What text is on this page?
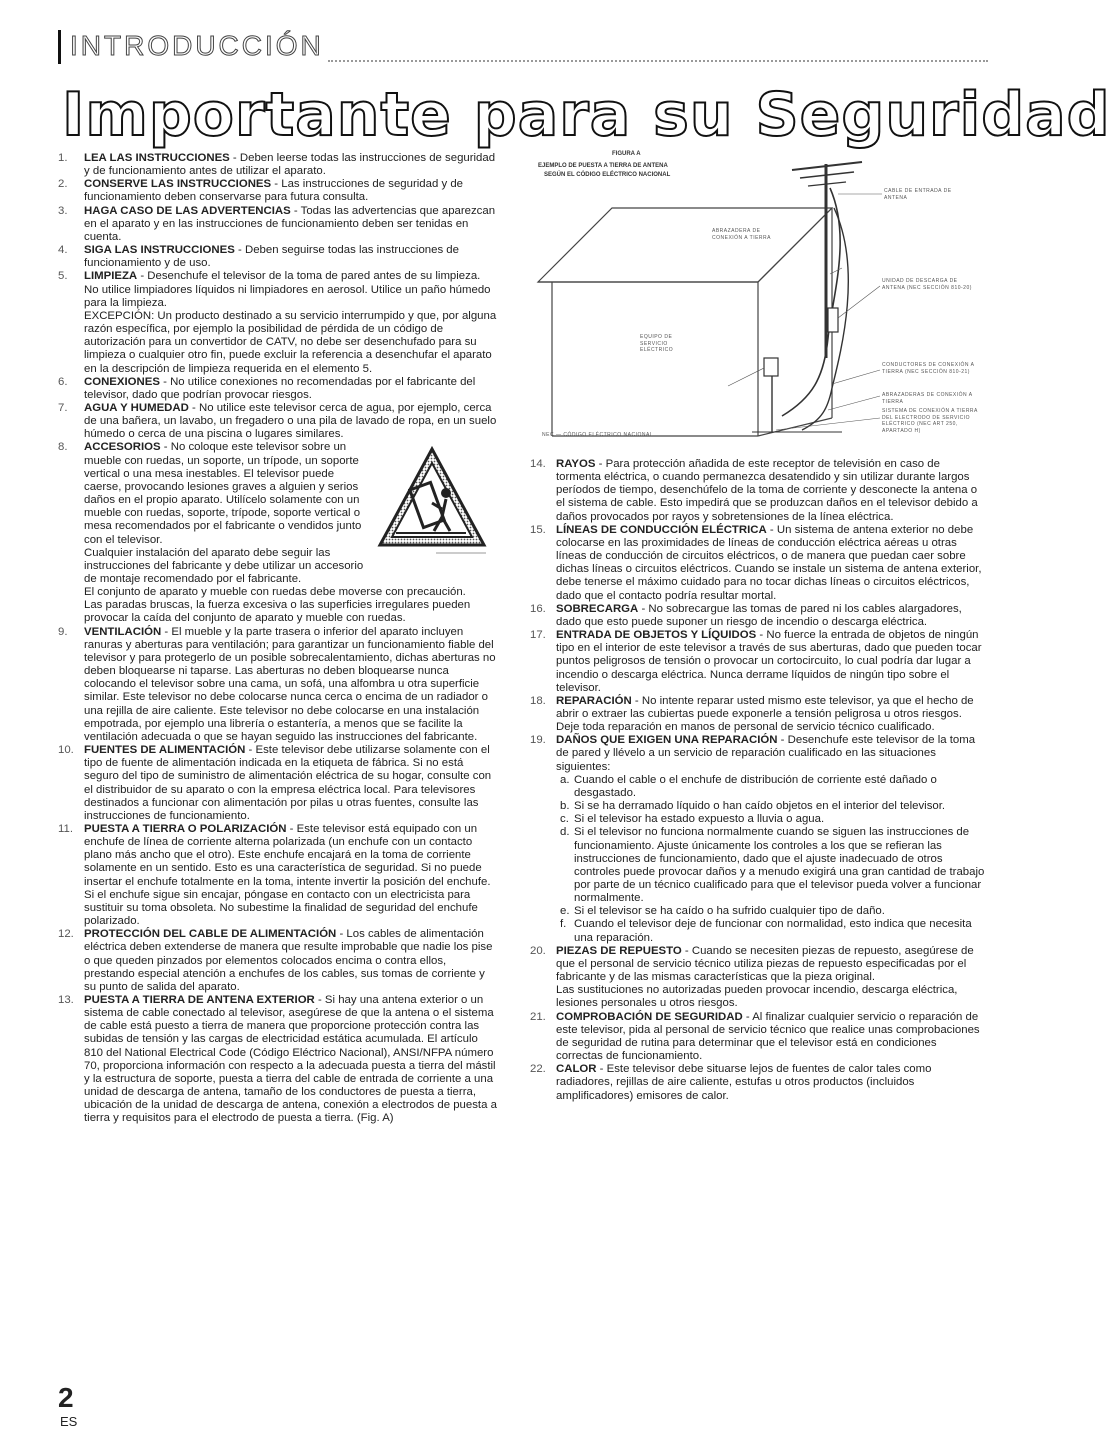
INTRODUCCIÓN
Importante para su Seguridad
1.	LEA LAS INSTRUCCIONES - Deben leerse todas las instrucciones de seguridad y de funcionamiento antes de utilizar el aparato.

2.	CONSERVE LAS INSTRUCCIONES - Las instrucciones de seguridad y de funcionamiento deben conservarse para futura consulta.

3.	HAGA CASO DE LAS ADVERTENCIAS - Todas las advertencias que aparezcan en el aparato y en las instrucciones de funcionamiento deben ser tenidas en cuenta.

4.	SIGA LAS INSTRUCCIONES - Deben seguirse todas las instrucciones de funcionamiento y de uso.

5.	LIMPIEZA - Desenchufe el televisor de la toma de pared antes de su limpieza. No utilice limpiadores líquidos ni limpiadores en aerosol. Utilice un paño húmedo para la limpieza.

EXCEPCIÓN: Un producto destinado a su servicio interrumpido y que, por alguna razón específica, por ejemplo la posibilidad de pérdida de un código de autorización para un convertidor de CATV, no debe ser desenchufado para su limpieza o cualquier otro fin, puede excluir la referencia a desenchufar el aparato en la descripción de limpieza requerida en el elemento 5.

6.	CONEXIONES - No utilice conexiones no recomendadas por el fabricante del televisor, dado que podrían provocar riesgos.

7.	AGUA Y HUMEDAD - No utilice este televisor cerca de agua, por ejemplo, cerca de una bañera, un lavabo, un fregadero o una pila de lavado de ropa, en un suelo húmedo o cerca de una piscina o lugares similares.

8.	ACCESORIOS - No coloque este televisor sobre un mueble con ruedas, un soporte, un trípode, un soporte vertical o una mesa inestables. El televisor puede caerse, provocando lesiones graves a alguien y serios daños en el propio aparato. Utilícelo solamente con un mueble con ruedas, soporte, trípode, soporte vertical o mesa recomendados por el fabricante o vendidos junto con el televisor.

Cualquier instalación del aparato debe seguir las instrucciones del fabricante y debe utilizar un accesorio de montaje recomendado por el fabricante.

El conjunto de aparato y mueble con ruedas debe moverse con precaución.

Las paradas bruscas, la fuerza excesiva o las superficies irregulares pueden provocar la caída del conjunto de aparato y mueble con ruedas.

9.	VENTILACIÓN - El mueble y la parte trasera o inferior del aparato incluyen ranuras y aberturas para ventilación; para garantizar un funcionamiento fiable del televisor y para protegerlo de un posible sobrecalentamiento, dichas aberturas no deben bloquearse ni taparse. Las aberturas no deben bloquearse nunca colocando el televisor sobre una cama, un sofá, una alfombra u otra superficie similar. Este televisor no debe colocarse nunca cerca o encima de un radiador o una rejilla de aire caliente. Este televisor no debe colocarse en una instalación empotrada, por ejemplo una librería o estantería, a menos que se facilite la ventilación adecuada o que se hayan seguido las instrucciones del fabricante.

10. FUENTES DE ALIMENTACIÓN - Este televisor debe utilizarse solamente con el tipo de fuente de alimentación indicada en la etiqueta de fábrica. Si no está seguro del tipo de suministro de alimentación eléctrica de su hogar, consulte con el distribuidor de su aparato o con la empresa eléctrica local. Para televisores destinados a funcionar con alimentación por pilas u otras fuentes, consulte las instrucciones de funcionamiento.

11. PUESTA A TIERRA O POLARIZACIÓN - Este televisor está equipado con un enchufe de línea de corriente alterna polarizada (un enchufe con un contacto plano más ancho que el otro). Este enchufe encajará en la toma de corriente solamente en un sentido. Esto es una característica de seguridad. Si no puede insertar el enchufe totalmente en la toma, intente invertir la posición del enchufe. Si el enchufe sigue sin encajar, póngase en contacto con un electricista para sustituir su toma obsoleta. No subestime la finalidad de seguridad del enchufe polarizado.

12. PROTECCIÓN DEL CABLE DE ALIMENTACIÓN - Los cables de alimentación eléctrica deben extenderse de manera que resulte improbable que nadie los pise o que queden pinzados por elementos colocados encima o contra ellos, prestando especial atención a enchufes de los cables, sus tomas de corriente y su punto de salida del aparato.

13. PUESTA A TIERRA DE ANTENA EXTERIOR - Si hay una antena exterior o un sistema de cable conectado al televisor, asegúrese de que la antena o el sistema de cable está puesto a tierra de manera que proporcione protección contra las subidas de tensión y las cargas de electricidad estática acumulada. El artículo 810 del National Electrical Code (Código Eléctrico Nacional), ANSI/NFPA número 70, proporciona información con respecto a la adecuada puesta a tierra del mástil y la estructura de soporte, puesta a tierra del cable de entrada de corriente a una unidad de descarga de antena, tamaño de los conductores de puesta a tierra, ubicación de la unidad de descarga de antena, conexión a electrodos de puesta a tierra y requisitos para el electrodo de puesta a tierra. (Fig. A)

FIGURA A
EJEMPLO DE PUESTA A TIERRA DE ANTENA
SEGÚN EL CÓDIGO ELÉCTRICO NACIONAL
CABLE DE ENTRADA DE ANTENA
ABRAZADERA DE CONEXIÓN A TIERRA
UNIDAD DE DESCARGA DE ANTENA (NEC SECCIÓN 810-20)
EQUIPO DE SERVICIO ELÉCTRICO
CONDUCTORES DE CONEXIÓN A TIERRA (NEC SECCIÓN 810-21)
ABRAZADERAS DE CONEXIÓN A TIERRA
SISTEMA DE CONEXIÓN A TIERRA DEL ELECTRODO DE SERVICIO ELÉCTRICO (NEC ART 250, APARTADO H)
NEC — CÓDIGO ELÉCTRICO NACIONAL
14. RAYOS - Para protección añadida de este receptor de televisión en caso de tormenta eléctrica, o cuando permanezca desatendido y sin utilizar durante largos períodos de tiempo, desenchúfelo de la toma de corriente y desconecte la antena o el sistema de cable. Esto impedirá que se produzcan daños en el televisor debido a daños provocados por rayos y sobretensiones de la línea eléctrica.

15. LÍNEAS DE CONDUCCIÓN ELÉCTRICA - Un sistema de antena exterior no debe colocarse en las proximidades de líneas de conducción eléctrica aéreas u otras líneas de conducción de circuitos eléctricos, o de manera que puedan caer sobre dichas líneas o circuitos eléctricos. Cuando se instale un sistema de antena exterior, debe tenerse el máximo cuidado para no tocar dichas líneas o circuitos eléctricos, dado que el contacto podría resultar mortal.

16. SOBRECARGA - No sobrecargue las tomas de pared ni los cables alargadores, dado que esto puede suponer un riesgo de incendio o descarga eléctrica.

17. ENTRADA DE OBJETOS Y LÍQUIDOS - No fuerce la entrada de objetos de ningún tipo en el interior de este televisor a través de sus aberturas, dado que pueden tocar puntos peligrosos de tensión o provocar un cortocircuito, lo cual podría dar lugar a incendio o descarga eléctrica. Nunca derrame líquidos de ningún tipo sobre el televisor.

18. REPARACIÓN - No intente reparar usted mismo este televisor, ya que el hecho de abrir o extraer las cubiertas puede exponerle a tensión peligrosa u otros riesgos. Deje toda reparación en manos de personal de servicio técnico cualificado.

19. DAÑOS QUE EXIGEN UNA REPARACIÓN - Desenchufe este televisor de la toma de pared y llévelo a un servicio de reparación cualificado en las situaciones siguientes:

a. Cuando el cable o el enchufe de distribución de corriente esté dañado o desgastado.
b. Si se ha derramado líquido o han caído objetos en el interior del televisor.
c. Si el televisor ha estado expuesto a lluvia o agua.
d. Si el televisor no funciona normalmente cuando se siguen las instrucciones de funcionamiento. Ajuste únicamente los controles a los que se refieran las instrucciones de funcionamiento, dado que el ajuste inadecuado de otros controles puede provocar daños y a menudo exigirá una gran cantidad de trabajo por parte de un técnico cualificado para que el televisor pueda volver a funcionar normalmente.
e. Si el televisor se ha caído o ha sufrido cualquier tipo de daño.
f. Cuando el televisor deje de funcionar con normalidad, esto indica que necesita una reparación.
20. PIEZAS DE REPUESTO - Cuando se necesiten piezas de repuesto, asegúrese de que el personal de servicio técnico utiliza piezas de repuesto especificadas por el fabricante y de las mismas características que la pieza original.

Las sustituciones no autorizadas pueden provocar incendio, descarga eléctrica, lesiones personales u otros riesgos.

21. COMPROBACIÓN DE SEGURIDAD - Al finalizar cualquier servicio o reparación de este televisor, pida al personal de servicio técnico que realice unas comprobaciones de seguridad de rutina para determinar que el televisor está en condiciones correctas de funcionamiento.

22. CALOR - Este televisor debe situarse lejos de fuentes de calor tales como radiadores, rejillas de aire caliente, estufas u otros productos (incluidos amplificadores) emisores de calor.

2
ES
